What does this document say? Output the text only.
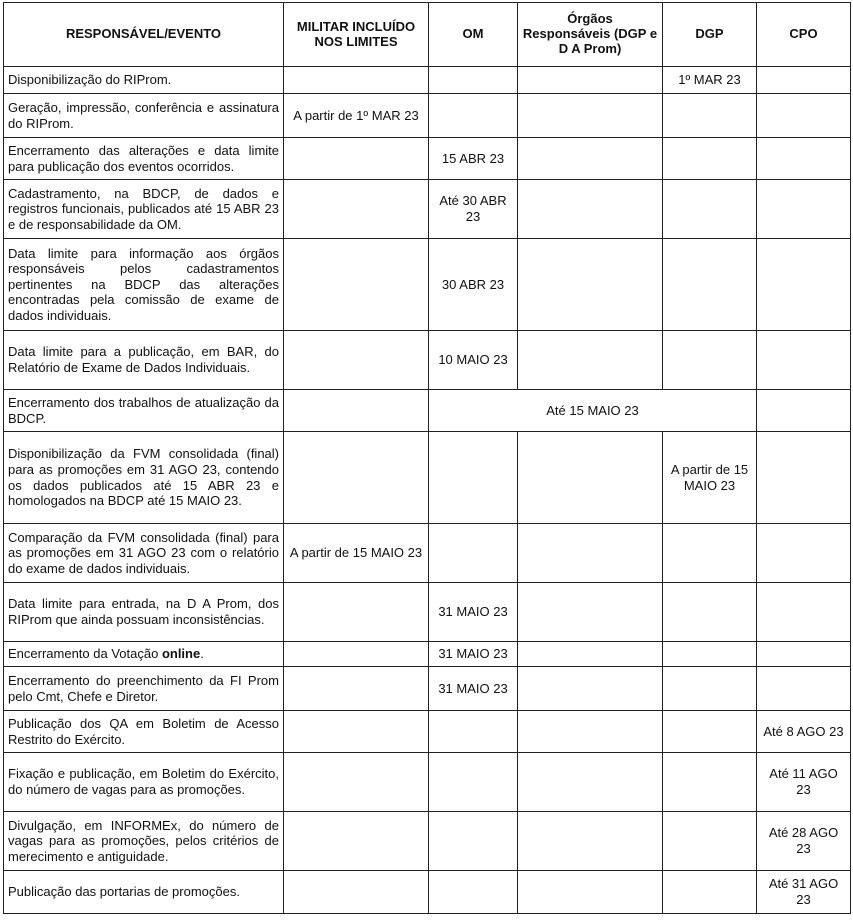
RESPONSÁVEL/EVENTO	MILITAR INCLUÍDO NOS LIMITES	OM	Órgãos Responsáveis (DGP e D A Prom)	DGP	CPO
Disponibilização do RIProm.				1º MAR 23	
Geração, impressão, conferência e assinatura do RIProm.	A partir de 1º MAR 23				
Encerramento das alterações e data limite para publicação dos eventos ocorridos.		15 ABR 23			
Cadastramento, na BDCP, de dados e registros funcionais, publicados até 15 ABR 23 e de responsabilidade da OM.		Até 30 ABR 23			
Data limite para informação aos órgãos responsáveis pelos cadastramentos pertinentes na BDCP das alterações encontradas pela comissão de exame de dados individuais.		30 ABR 23			
Data limite para a publicação, em BAR, do Relatório de Exame de Dados Individuais.		10 MAIO 23			
Encerramento dos trabalhos de atualização da BDCP.		Até 15 MAIO 23			
Disponibilização da FVM consolidada (final) para as promoções em 31 AGO 23, contendo os dados publicados até 15 ABR 23 e homologados na BDCP até 15 MAIO 23.				A partir de 15 MAIO 23	
Comparação da FVM consolidada (final) para as promoções em 31 AGO 23 com o relatório do exame de dados individuais.	A partir de 15 MAIO 23				
Data limite para entrada, na D A Prom, dos RIProm que ainda possuam inconsistências.		31 MAIO 23			
Encerramento da Votação online.		31 MAIO 23			
Encerramento do preenchimento da FI Prom pelo Cmt, Chefe e Diretor.		31 MAIO 23			
Publicação dos QA em Boletim de Acesso Restrito do Exército.					Até 8 AGO 23
Fixação e publicação, em Boletim do Exército, do número de vagas para as promoções.					Até 11 AGO 23
Divulgação, em INFORMEx, do número de vagas para as promoções, pelos critérios de merecimento e antiguidade.					Até 28 AGO 23
Publicação das portarias de promoções.					Até 31 AGO 23
